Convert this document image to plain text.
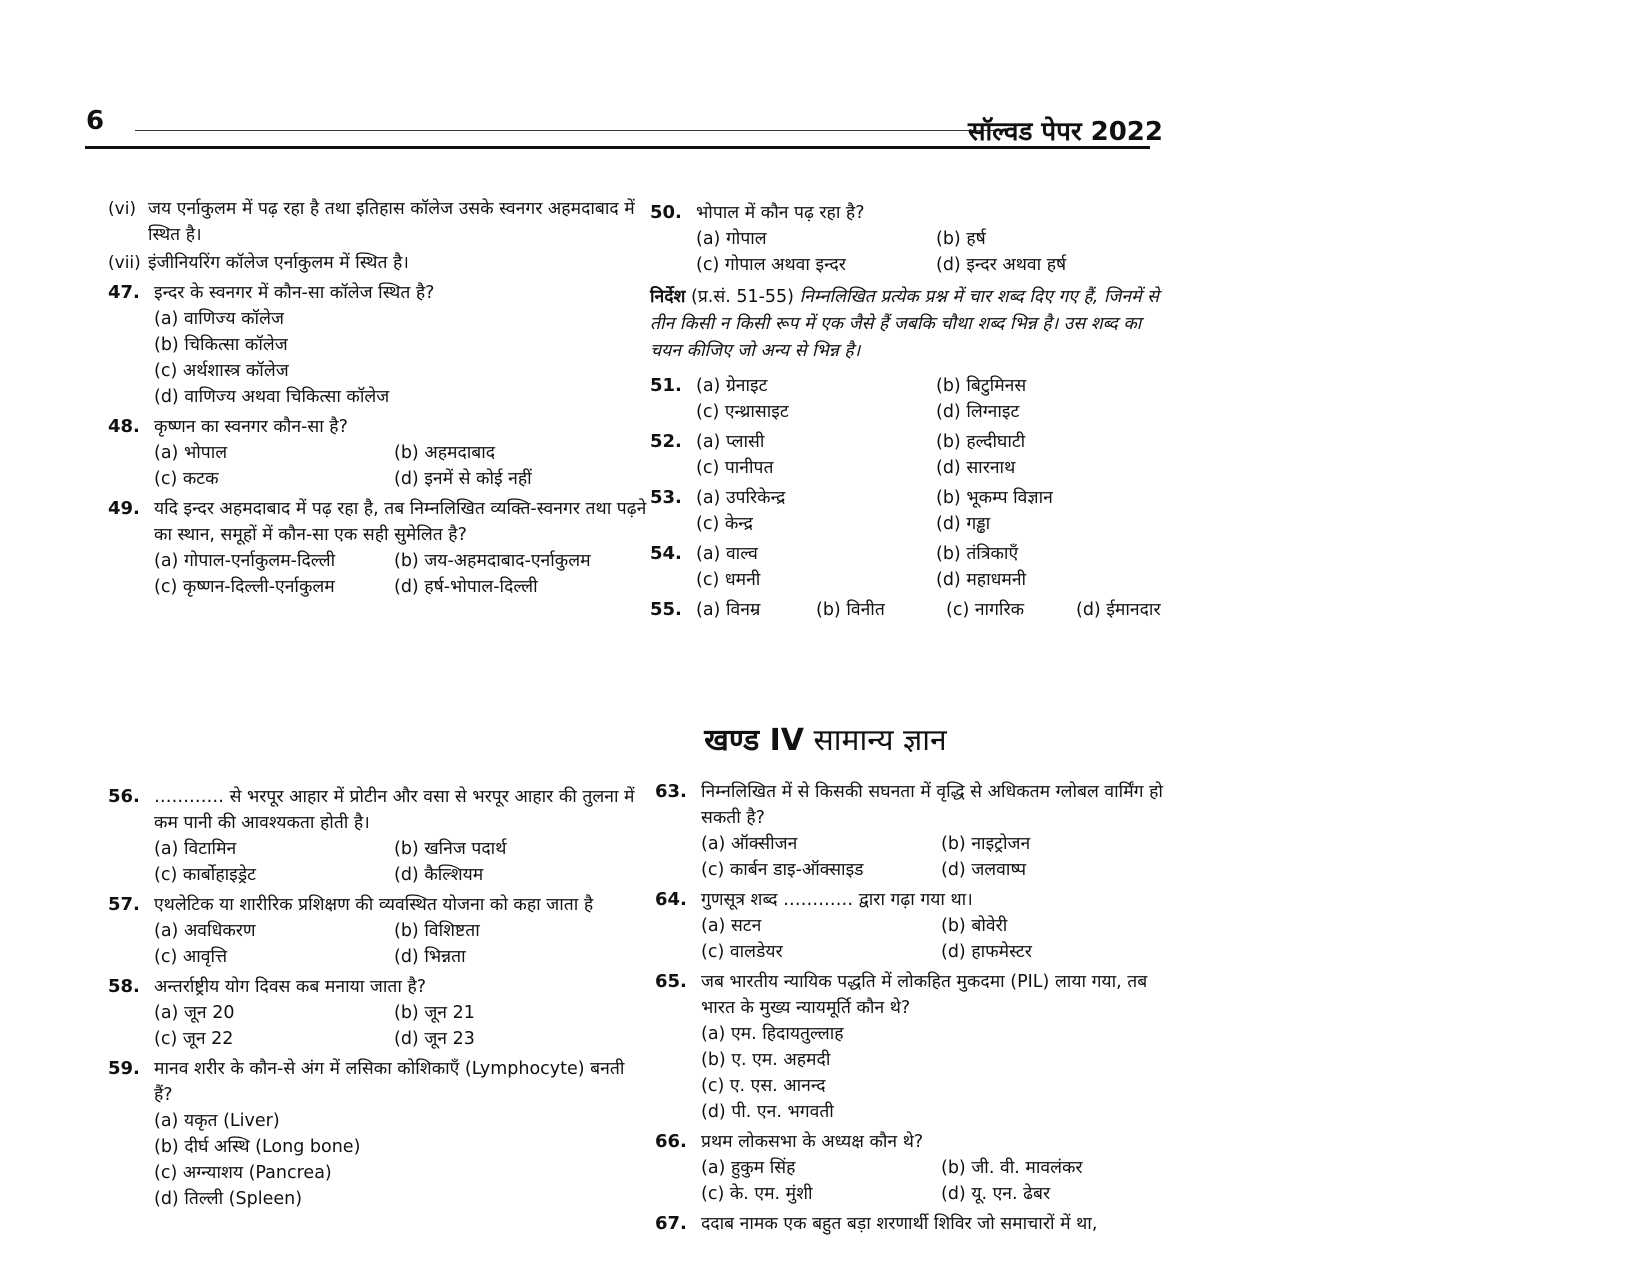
6	सॉल्वड पेपर 2022
(vi) जय एर्नाकुलम में पढ़ रहा है तथा इतिहास कॉलेज उसके स्वनगर अहमदाबाद में स्थित है।
(vii) इंजीनियरिंग कॉलेज एर्नाकुलम में स्थित है।
47. इन्दर के स्वनगर में कौन-सा कॉलेज स्थित है?
(a) वाणिज्य कॉलेज
(b) चिकित्सा कॉलेज
(c) अर्थशास्त्र कॉलेज
(d) वाणिज्य अथवा चिकित्सा कॉलेज
48. कृष्णन का स्वनगर कौन-सा है?
(a) भोपाल	(b) अहमदाबाद
(c) कटक	(d) इनमें से कोई नहीं
49. यदि इन्दर अहमदाबाद में पढ़ रहा है, तब निम्नलिखित व्यक्ति-स्वनगर तथा पढ़ने का स्थान, समूहों में कौन-सा एक सही सुमेलित है?
(a) गोपाल-एर्नाकुलम-दिल्ली	(b) जय-अहमदाबाद-एर्नाकुलम
(c) कृष्णन-दिल्ली-एर्नाकुलम	(d) हर्ष-भोपाल-दिल्ली
50. भोपाल में कौन पढ़ रहा है?
(a) गोपाल	(b) हर्ष
(c) गोपाल अथवा इन्दर	(d) इन्दर अथवा हर्ष
निर्देश (प्र.सं. 51-55) निम्नलिखित प्रत्येक प्रश्न में चार शब्द दिए गए हैं, जिनमें से तीन किसी न किसी रूप में एक जैसे हैं जबकि चौथा शब्द भिन्न है। उस शब्द का चयन कीजिए जो अन्य से भिन्न है।
51. (a) ग्रेनाइट	(b) बिटुमिनस
(c) एन्थ्रासाइट	(d) लिग्नाइट
52. (a) प्लासी	(b) हल्दीघाटी
(c) पानीपत	(d) सारनाथ
53. (a) उपरिकेन्द्र	(b) भूकम्प विज्ञान
(c) केन्द्र	(d) गड्ढा
54. (a) वाल्व	(b) तंत्रिकाएँ
(c) धमनी	(d) महाधमनी
55. (a) विनम्र	(b) विनीत	(c) नागरिक	(d) ईमानदार
खण्ड IV सामान्य ज्ञान
56. ………… से भरपूर आहार में प्रोटीन और वसा से भरपूर आहार की तुलना में कम पानी की आवश्यकता होती है।
(a) विटामिन	(b) खनिज पदार्थ
(c) कार्बोहाइड्रेट	(d) कैल्शियम
57. एथलेटिक या शारीरिक प्रशिक्षण की व्यवस्थित योजना को कहा जाता है
(a) अवधिकरण	(b) विशिष्टता
(c) आवृत्ति	(d) भिन्नता
58. अन्तर्राष्ट्रीय योग दिवस कब मनाया जाता है?
(a) जून 20	(b) जून 21
(c) जून 22	(d) जून 23
59. मानव शरीर के कौन-से अंग में लसिका कोशिकाएँ (Lymphocyte) बनती हैं?
(a) यकृत (Liver)
(b) दीर्घ अस्थि (Long bone)
(c) अग्न्याशय (Pancrea)
(d) तिल्ली (Spleen)
63. निम्नलिखित में से किसकी सघनता में वृद्धि से अधिकतम ग्लोबल वार्मिंग हो सकती है?
(a) ऑक्सीजन	(b) नाइट्रोजन
(c) कार्बन डाइ-ऑक्साइड	(d) जलवाष्प
64. गुणसूत्र शब्द ………… द्वारा गढ़ा गया था।
(a) सटन	(b) बोवेरी
(c) वालडेयर	(d) हाफमेस्टर
65. जब भारतीय न्यायिक पद्धति में लोकहित मुकदमा (PIL) लाया गया, तब भारत के मुख्य न्यायमूर्ति कौन थे?
(a) एम. हिदायतुल्लाह
(b) ए. एम. अहमदी
(c) ए. एस. आनन्द
(d) पी. एन. भगवती
66. प्रथम लोकसभा के अध्यक्ष कौन थे?
(a) हुकुम सिंह	(b) जी. वी. मावलंकर
(c) के. एम. मुंशी	(d) यू. एन. ढेबर
67. ददाब नामक एक बहुत बड़ा शरणार्थी शिविर जो समाचारों में था,
